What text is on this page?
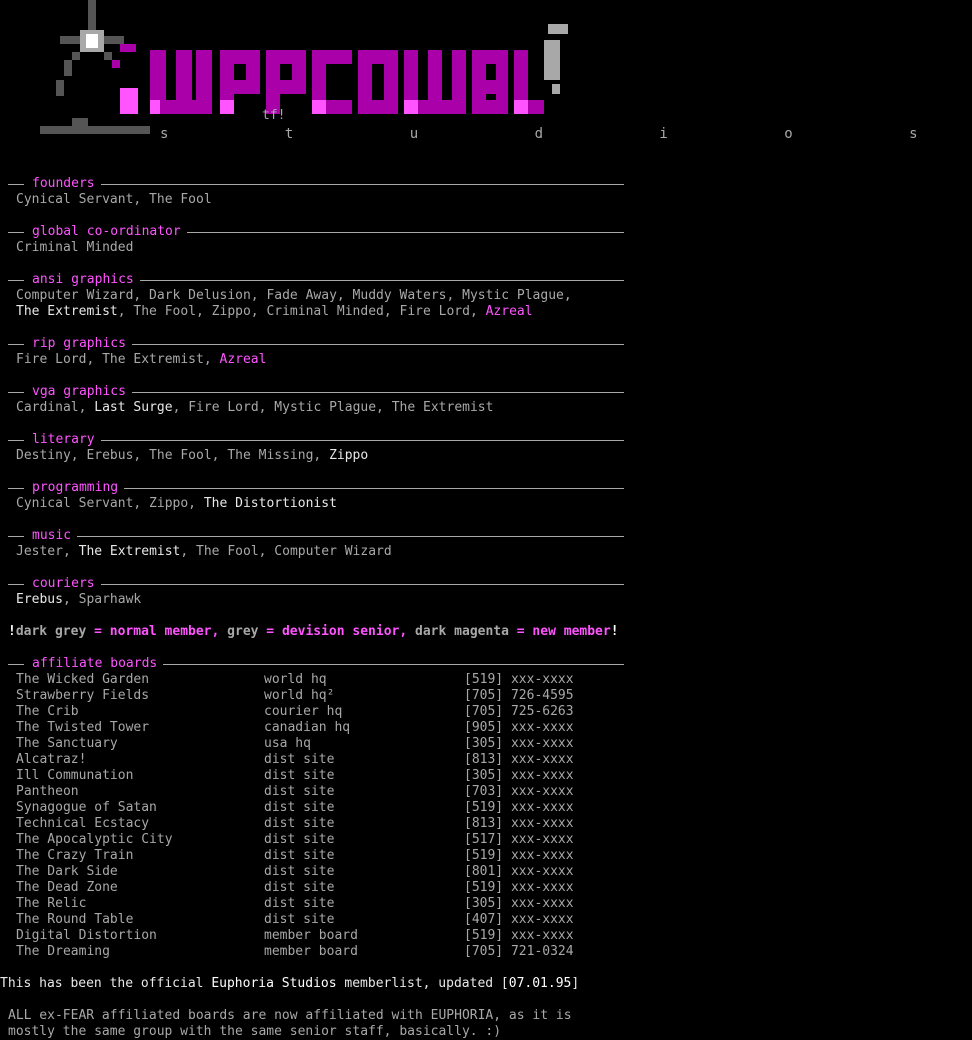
tf!
s t u d i o s
founders
Cynical Servant, The Fool
global co-ordinator
Criminal Minded
ansi graphics
Computer Wizard, Dark Delusion, Fade Away, Muddy Waters, Mystic Plague,
The Extremist, The Fool, Zippo, Criminal Minded, Fire Lord, Azreal
rip graphics
Fire Lord, The Extremist, Azreal
vga graphics
Cardinal, Last Surge, Fire Lord, Mystic Plague, The Extremist
literary
Destiny, Erebus, The Fool, The Missing, Zippo
programming
Cynical Servant, Zippo, The Distortionist
music
Jester, The Extremist, The Fool, Computer Wizard
couriers
Erebus, Sparhawk
!dark grey = normal member, grey = devision senior, dark magenta = new member!
affiliate boards
The Wicked Garden	world hq	[519] xxx-xxxx
Strawberry Fields	world hq²	[705] 726-4595
The Crib	courier hq	[705] 725-6263
The Twisted Tower	canadian hq	[905] xxx-xxxx
The Sanctuary	usa hq	[305] xxx-xxxx
Alcatraz!	dist site	[813] xxx-xxxx
Ill Communation	dist site	[305] xxx-xxxx
Pantheon	dist site	[703] xxx-xxxx
Synagogue of Satan	dist site	[519] xxx-xxxx
Technical Ecstacy	dist site	[813] xxx-xxxx
The Apocalyptic City	dist site	[517] xxx-xxxx
The Crazy Train	dist site	[519] xxx-xxxx
The Dark Side	dist site	[801] xxx-xxxx
The Dead Zone	dist site	[519] xxx-xxxx
The Relic	dist site	[305] xxx-xxxx
The Round Table	dist site	[407] xxx-xxxx
Digital Distortion	member board	[519] xxx-xxxx
The Dreaming	member board	[705] 721-0324
This has been the official Euphoria Studios memberlist, updated [07.01.95]
ALL ex-FEAR affiliated boards are now affiliated with EUPHORIA, as it is
mostly the same group with the same senior staff, basically. :)
